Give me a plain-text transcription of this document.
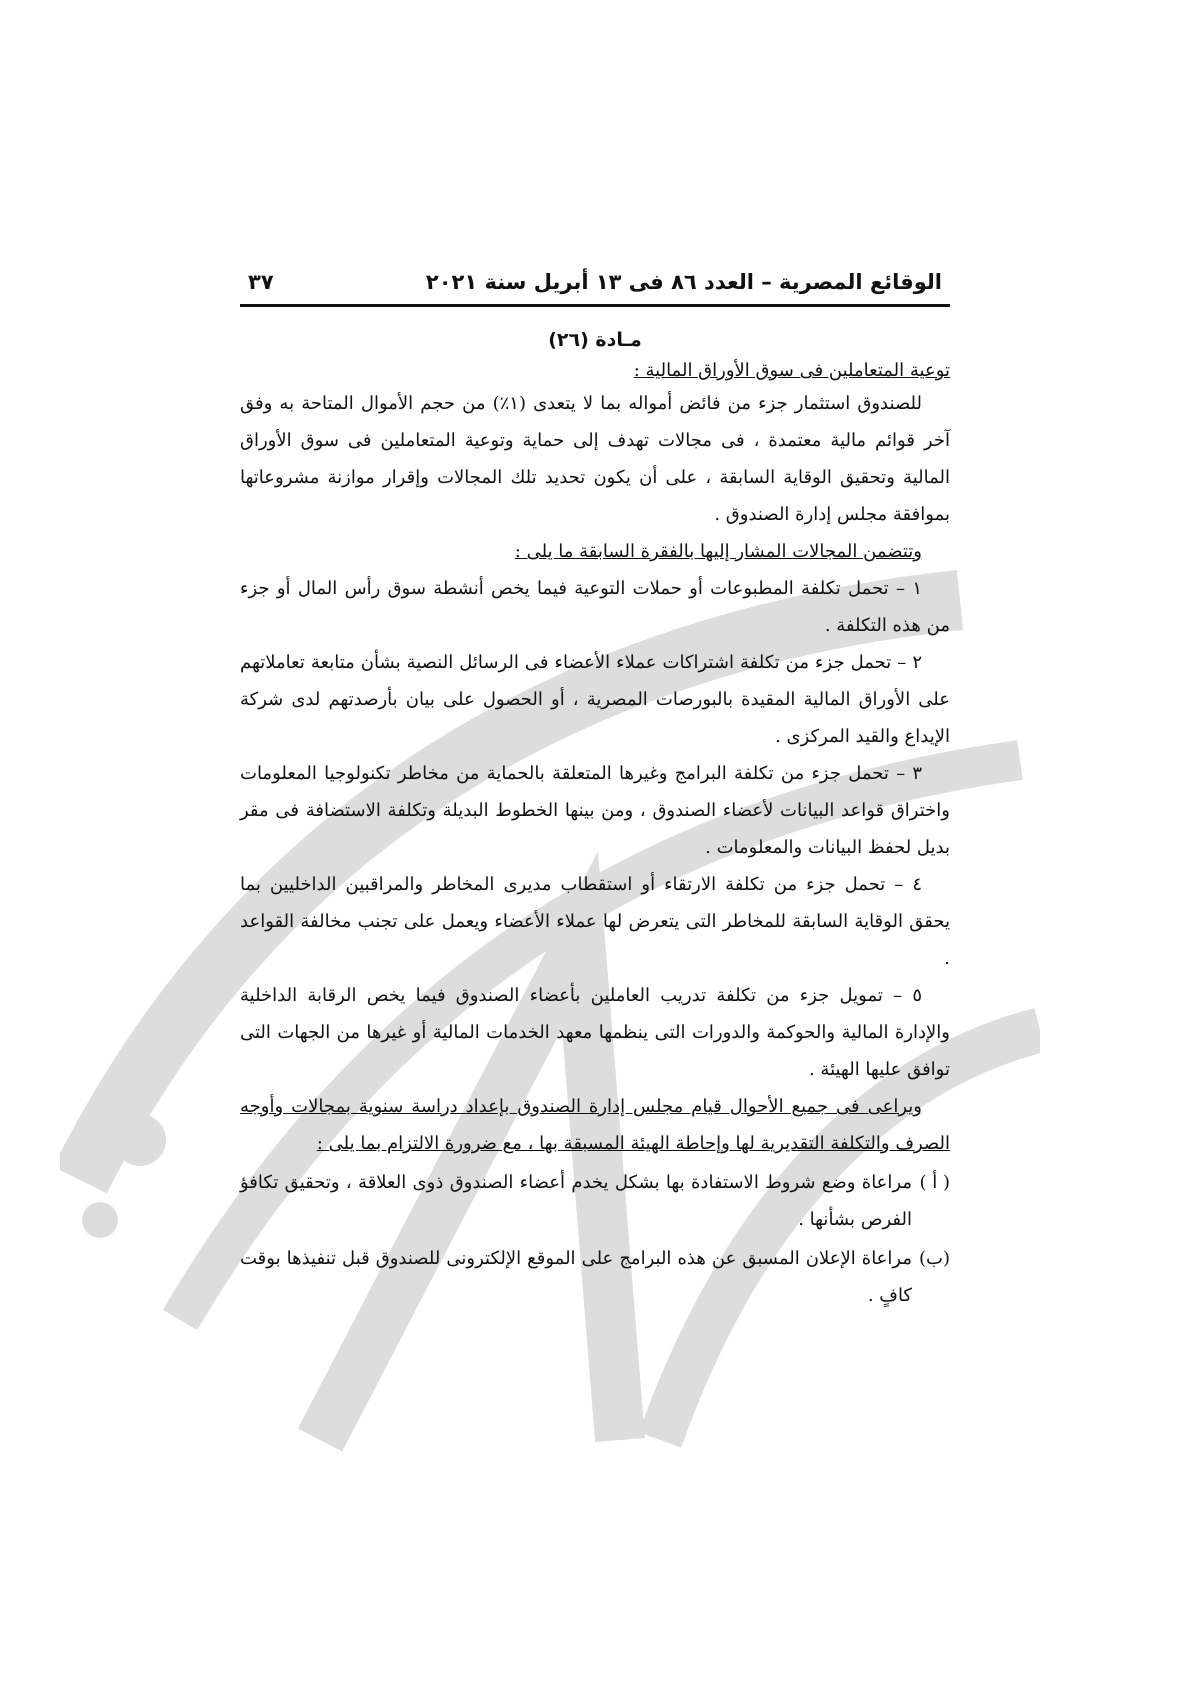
الوقائع المصرية – العدد ٨٦ فى ١٣ أبريل سنة ٢٠٢١
٣٧
مـادة (٢٦)

توعية المتعاملين فى سوق الأوراق المالية :

للصندوق استثمار جزء من فائض أمواله بما لا يتعدى (١٪) من حجم الأموال المتاحة به وفق آخر قوائم مالية معتمدة ، فى مجالات تهدف إلى حماية وتوعية المتعاملين فى سوق الأوراق المالية وتحقيق الوقاية السابقة ، على أن يكون تحديد تلك المجالات وإقرار موازنة مشروعاتها بموافقة مجلس إدارة الصندوق .

وتتضمن المجالات المشار إليها بالفقرة السابقة ما يلى :

١ – تحمل تكلفة المطبوعات أو حملات التوعية فيما يخص أنشطة سوق رأس المال أو جزء من هذه التكلفة .

٢ – تحمل جزء من تكلفة اشتراكات عملاء الأعضاء فى الرسائل النصية بشأن متابعة تعاملاتهم على الأوراق المالية المقيدة بالبورصات المصرية ، أو الحصول على بيان بأرصدتهم لدى شركة الإيداع والقيد المركزى .

٣ – تحمل جزء من تكلفة البرامج وغيرها المتعلقة بالحماية من مخاطر تكنولوجيا المعلومات واختراق قواعد البيانات لأعضاء الصندوق ، ومن بينها الخطوط البديلة وتكلفة الاستضافة فى مقر بديل لحفظ البيانات والمعلومات .

٤ – تحمل جزء من تكلفة الارتقاء أو استقطاب مديرى المخاطر والمراقبين الداخليين بما يحقق الوقاية السابقة للمخاطر التى يتعرض لها عملاء الأعضاء ويعمل على تجنب مخالفة القواعد .

٥ – تمويل جزء من تكلفة تدريب العاملين بأعضاء الصندوق فيما يخص الرقابة الداخلية والإدارة المالية والحوكمة والدورات التى ينظمها معهد الخدمات المالية أو غيرها من الجهات التى توافق عليها الهيئة .

ويراعى فى جميع الأحوال قيام مجلس إدارة الصندوق بإعداد دراسة سنوية بمجالات وأوجه الصرف والتكلفة التقديرية لها وإحاطة الهيئة المسبقة بها ، مع ضرورة الالتزام بما يلى :

( أ )
مراعاة وضع شروط الاستفادة بها بشكل يخدم أعضاء الصندوق ذوى العلاقة ، وتحقيق تكافؤ الفرص بشأنها .
(ب)
مراعاة الإعلان المسبق عن هذه البرامج على الموقع الإلكترونى للصندوق قبل تنفيذها بوقت كافٍ .
